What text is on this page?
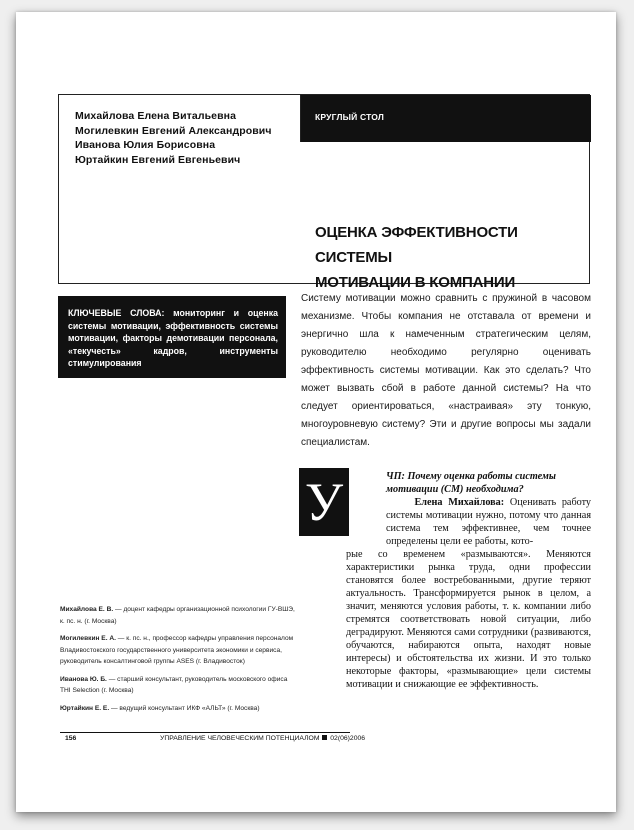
Михайлова Елена Витальевна
Могилевкин Евгений Александрович
Иванова Юлия Борисовна
Юртайкин Евгений Евгеньевич
КРУГЛЫЙ СТОЛ
ОЦЕНКА ЭФФЕКТИВНОСТИ СИСТЕМЫ
МОТИВАЦИИ В КОМПАНИИ
КЛЮЧЕВЫЕ СЛОВА: мониторинг и оценка системы мотивации, эффективность системы мотивации, факторы демотивации персонала, «текучесть» кадров, инструменты стимулирования
Систему мотивации можно сравнить с пружиной в часовом механизме. Чтобы компания не отставала от времени и энергично шла к намеченным стратегическим целям, руководителю необходимо регулярно оценивать эффективность системы мотивации. Как это сделать? Что может вызвать сбой в работе данной системы? На что следует ориентироваться, «настраивая» эту тонкую, многоуровневую систему? Эти и другие вопросы мы задали специалистам.
У	ЧП: Почему оценка работы системы мотивации (СМ) необходима?
Елена Михайлова: Оценивать работу системы мотивации нужно, потому что данная система тем эффективнее, чем точнее определены цели ее работы, кото-
рые со временем «размываются». Меняются характеристики рынка труда, одни профессии становятся более востребованными, другие теряют актуальность. Трансформируется рынок в целом, а значит, меняются условия работы, т. к. компании либо стремятся соответствовать новой ситуации, либо деградируют. Меняются сами сотрудники (развиваются, обучаются, набираются опыта, находят новые интересы) и обстоятельства их жизни. И это только некоторые факторы, «размывающие» цели системы мотивации и снижающие ее эффективность.

Михайлова Е. В. — доцент кафедры организационной психологии ГУ-ВШЭ, к. пс. н. (г. Москва)

Могилевкин Е. А. — к. пс. н., профессор кафедры управления персоналом Владивостокского государственного университета экономики и сервиса, руководитель консалтинговой группы ASES (г. Владивосток)

Иванова Ю. Б. — старший консультант, руководитель московского офиса THI Selection (г. Москва)

Юртайкин Е. Е. — ведущий консультант ИКФ «АЛЬТ» (г. Москва)

156	УПРАВЛЕНИЕ ЧЕЛОВЕЧЕСКИМ ПОТЕНЦИАЛОМ 02(06)2006
